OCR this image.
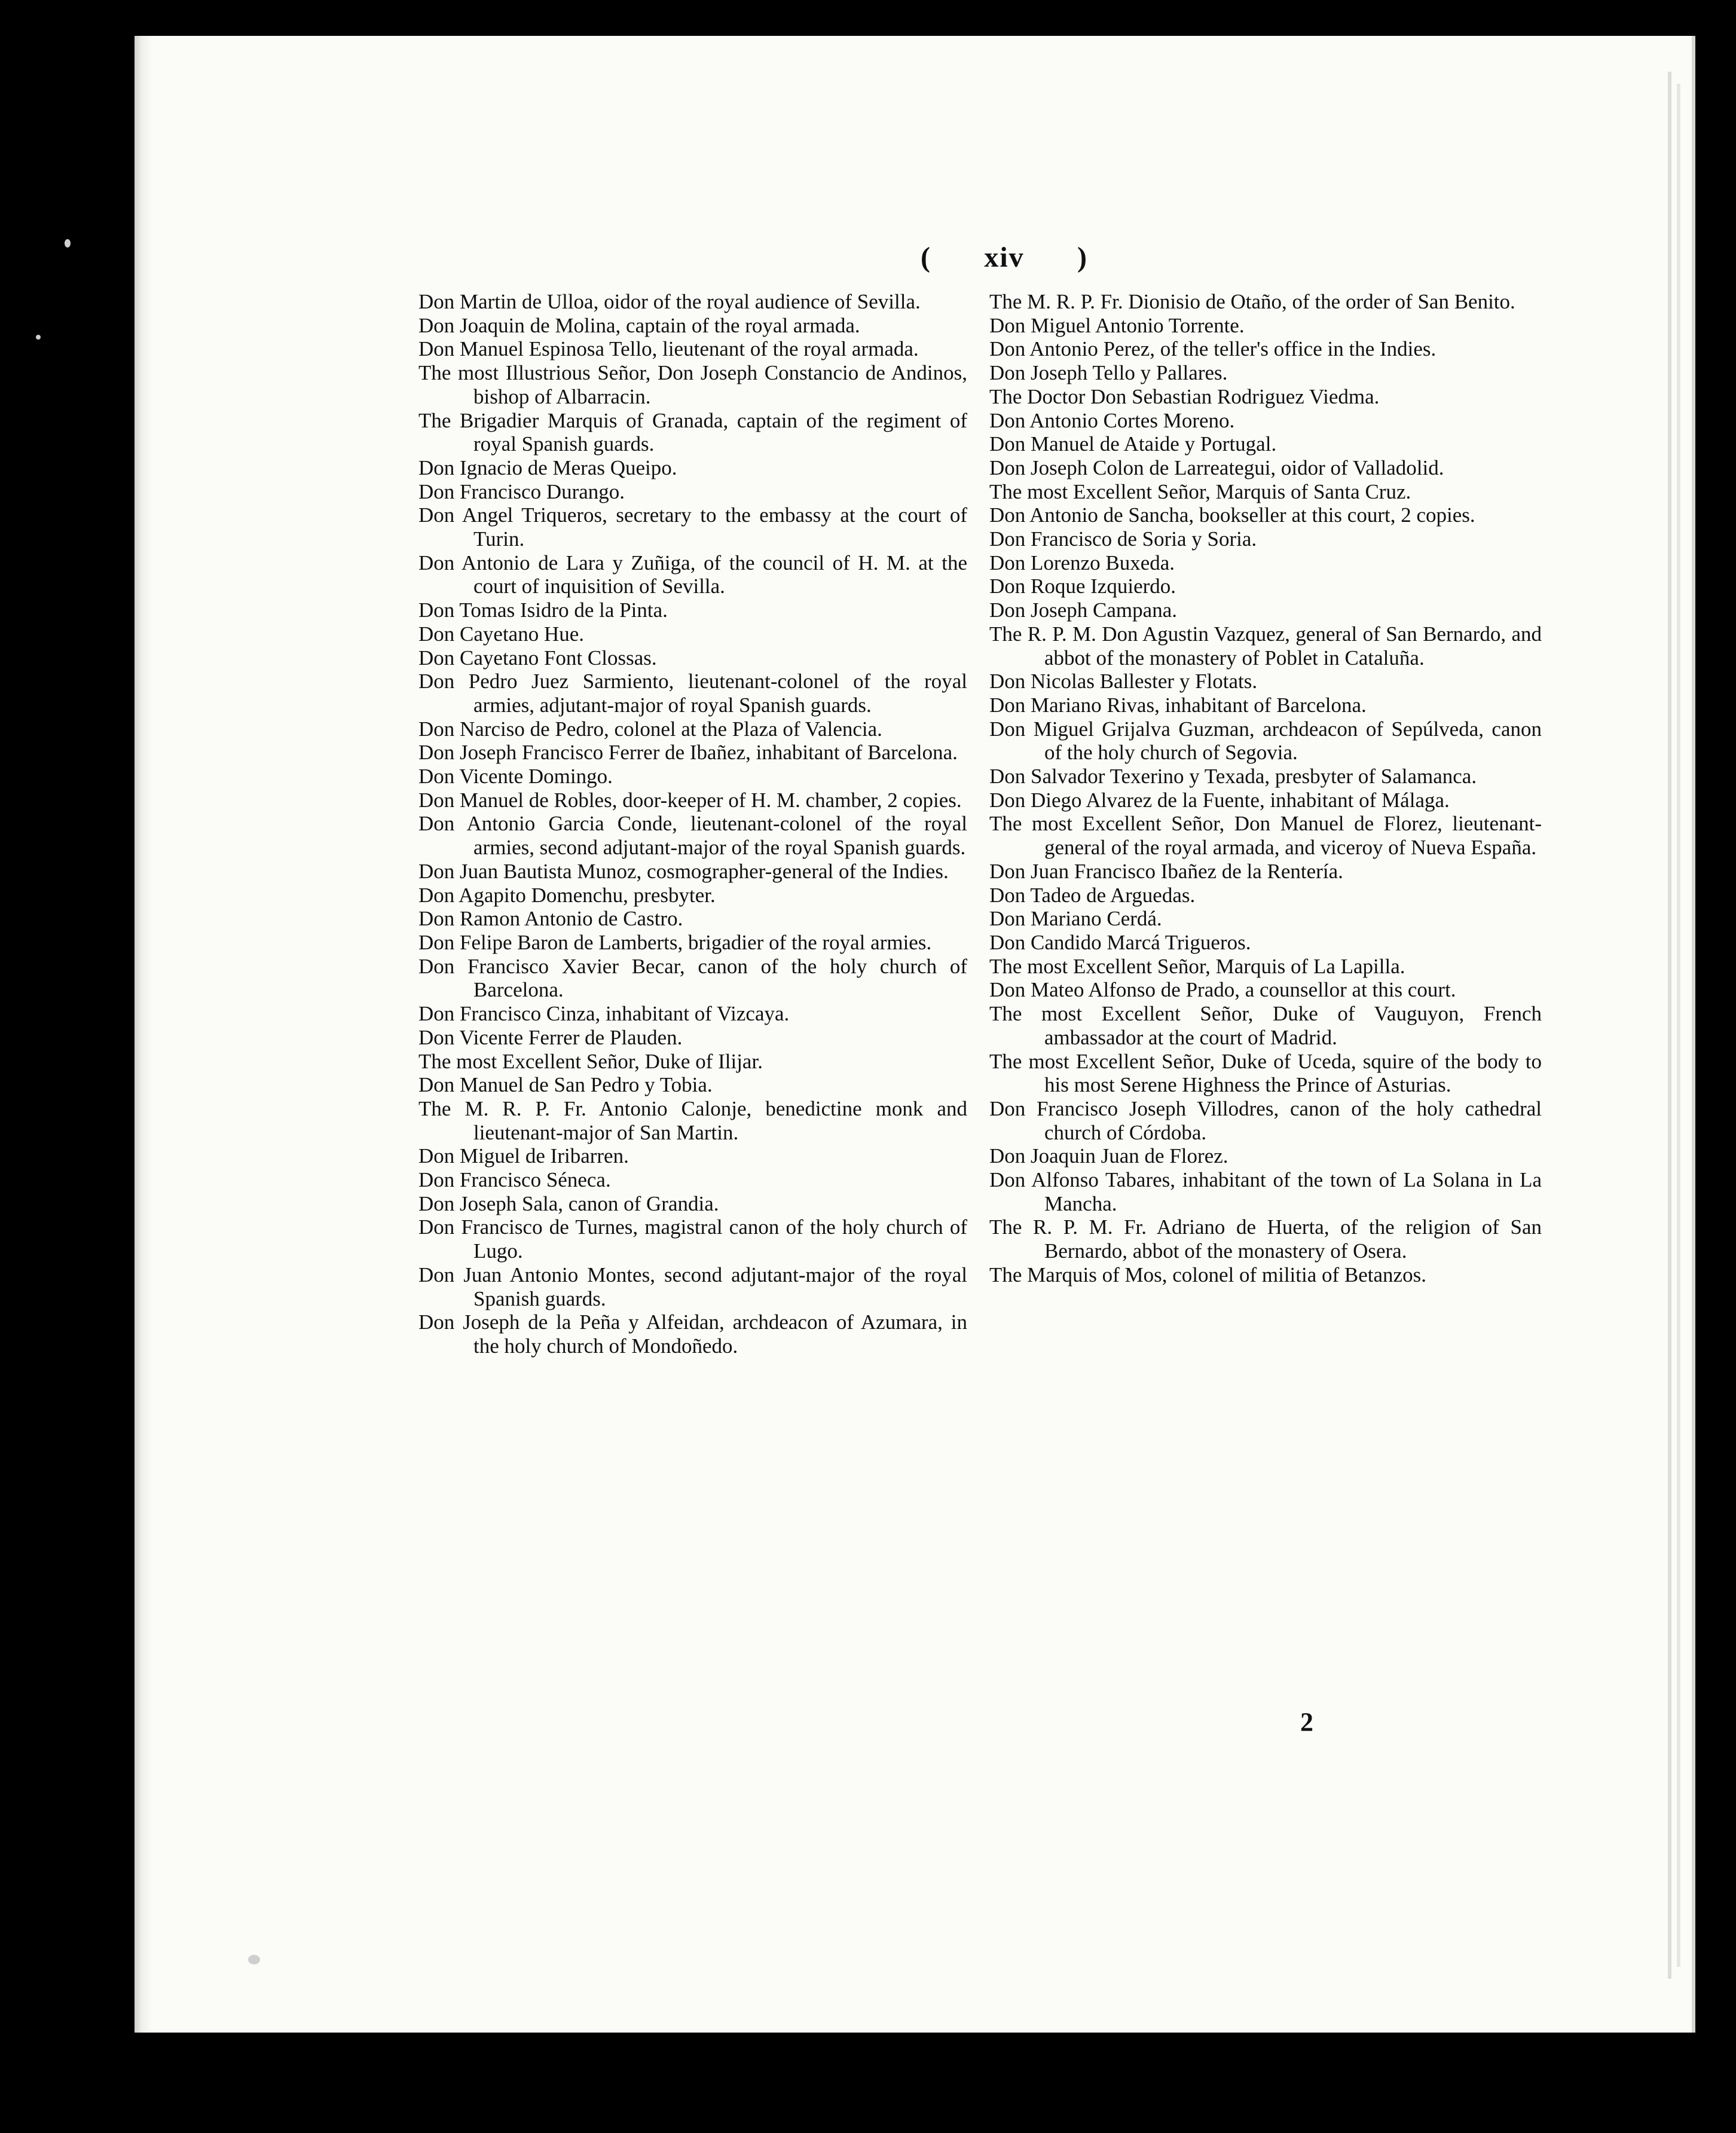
( xiv )

Don Martin de Ulloa, oidor of the royal audience of Sevilla.

Don Joaquin de Molina, captain of the royal armada.

Don Manuel Espinosa Tello, lieutenant of the royal armada.

The most Illustrious Señor, Don Joseph Constancio de Andinos, bishop of Albarracin.

The Brigadier Marquis of Granada, captain of the regiment of royal Spanish guards.

Don Ignacio de Meras Queipo.

Don Francisco Durango.

Don Angel Triqueros, secretary to the embassy at the court of Turin.

Don Antonio de Lara y Zuñiga, of the council of H. M. at the court of inquisition of Sevilla.

Don Tomas Isidro de la Pinta.

Don Cayetano Hue.

Don Cayetano Font Clossas.

Don Pedro Juez Sarmiento, lieutenant-colonel of the royal armies, adjutant-major of royal Spanish guards.

Don Narciso de Pedro, colonel at the Plaza of Valencia.

Don Joseph Francisco Ferrer de Ibañez, inhabitant of Barcelona.

Don Vicente Domingo.

Don Manuel de Robles, door-keeper of H. M. chamber, 2 copies.

Don Antonio Garcia Conde, lieutenant-colonel of the royal armies, second adjutant-major of the royal Spanish guards.

Don Juan Bautista Munoz, cosmographer-general of the Indies.

Don Agapito Domenchu, presbyter.

Don Ramon Antonio de Castro.

Don Felipe Baron de Lamberts, brigadier of the royal armies.

Don Francisco Xavier Becar, canon of the holy church of Barcelona.

Don Francisco Cinza, inhabitant of Vizcaya.

Don Vicente Ferrer de Plauden.

The most Excellent Señor, Duke of Ilijar.

Don Manuel de San Pedro y Tobia.

The M. R. P. Fr. Antonio Calonje, benedictine monk and lieutenant-major of San Martin.

Don Miguel de Iribarren.

Don Francisco Séneca.

Don Joseph Sala, canon of Grandia.

Don Francisco de Turnes, magistral canon of the holy church of Lugo.

Don Juan Antonio Montes, second adjutant-major of the royal Spanish guards.

Don Joseph de la Peña y Alfeidan, archdeacon of Azumara, in the holy church of Mondoñedo.

The M. R. P. Fr. Dionisio de Otaño, of the order of San Benito.

Don Miguel Antonio Torrente.

Don Antonio Perez, of the teller's office in the Indies.

Don Joseph Tello y Pallares.

The Doctor Don Sebastian Rodriguez Viedma.

Don Antonio Cortes Moreno.

Don Manuel de Ataide y Portugal.

Don Joseph Colon de Larreategui, oidor of Valladolid.

The most Excellent Señor, Marquis of Santa Cruz.

Don Antonio de Sancha, bookseller at this court, 2 copies.

Don Francisco de Soria y Soria.

Don Lorenzo Buxeda.

Don Roque Izquierdo.

Don Joseph Campana.

The R. P. M. Don Agustin Vazquez, general of San Bernardo, and abbot of the monastery of Poblet in Cataluña.

Don Nicolas Ballester y Flotats.

Don Mariano Rivas, inhabitant of Barcelona.

Don Miguel Grijalva Guzman, archdeacon of Sepúlveda, canon of the holy church of Segovia.

Don Salvador Texerino y Texada, presbyter of Salamanca.

Don Diego Alvarez de la Fuente, inhabitant of Málaga.

The most Excellent Señor, Don Manuel de Florez, lieutenant-general of the royal armada, and viceroy of Nueva España.

Don Juan Francisco Ibañez de la Rentería.

Don Tadeo de Arguedas.

Don Mariano Cerdá.

Don Candido Marcá Trigueros.

The most Excellent Señor, Marquis of La Lapilla.

Don Mateo Alfonso de Prado, a counsellor at this court.

The most Excellent Señor, Duke of Vauguyon, French ambassador at the court of Madrid.

The most Excellent Señor, Duke of Uceda, squire of the body to his most Serene Highness the Prince of Asturias.

Don Francisco Joseph Villodres, canon of the holy cathedral church of Córdoba.

Don Joaquin Juan de Florez.

Don Alfonso Tabares, inhabitant of the town of La Solana in La Mancha.

The R. P. M. Fr. Adriano de Huerta, of the religion of San Bernardo, abbot of the monastery of Osera.

The Marquis of Mos, colonel of militia of Betanzos.

2
